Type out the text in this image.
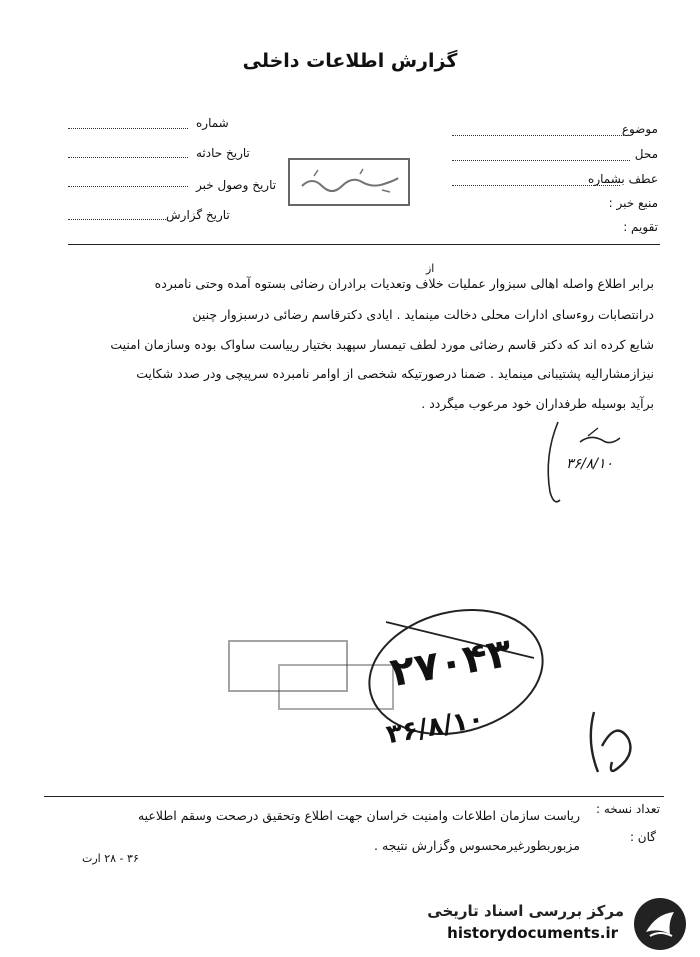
گزارش اطلاعات داخلی
موضوع
محل
عطف بشماره
منبع خبر :
تقویم :
شماره
تاریخ حادثه
تاریخ وصول خبر
تاریخ گزارش
از
برابر اطلاع واصله اهالی سبزوار عملیات خلاف وتعدیات برادران رضائی بستوه آمده وحتی نامبرده
درانتصابات روءسای ادارات محلی دخالت مینماید . ایادی دکترقاسم رضائی درسبزوار چنین
شایع کرده اند که دکتر قاسم رضائی مورد لطف تیمسار سپهبد بختیار رییاست ساواک بوده وسازمان امنیت
نیزازمشارالیه پشتیبانی مینماید . ضمنا درصورتیکه شخصی از اوامر نامبرده سرپیچی ودر صدد شکایت
برآید بوسیله طرفداران خود مرعوب میگردد .
۳۶/۸/۱۰
۲۷۰۴۳
۳۶/۸/۱۰
تعداد نسخه :
گان :
ریاست سازمان اطلاعات وامنیت خراسان جهت اطلاع وتحقیق درصحت وسقم اطلاعیه
مزبوربطورغیرمحسوس وگزارش نتیجه .
۳۶ - ۲۸ ارت
مرکز بررسی اسناد تاریخی
historydocuments.ir
